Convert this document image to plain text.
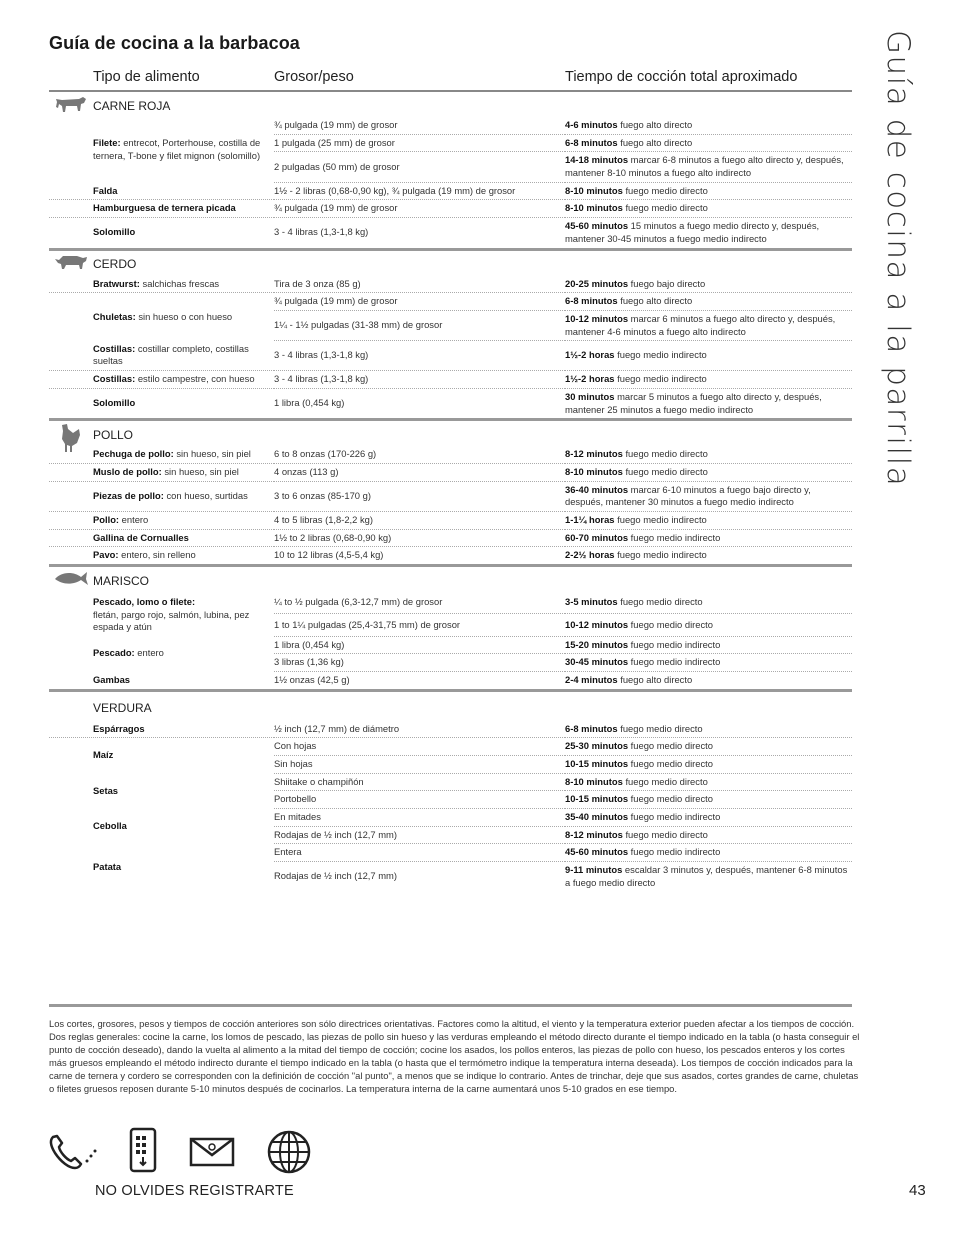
Guía de cocina a la barbacoa	Guía de cocina a la parrilla
Tipo de alimento	Grosor/peso	Tiempo de cocción total aproximado
CARNE ROJA		
Filete: entrecot, Porterhouse, costilla de ternera, T-bone y filet mignon (solomillo)	¾ pulgada (19 mm) de grosor	4-6 minutos fuego alto directo
	1 pulgada (25 mm) de grosor	6-8 minutos fuego alto directo
	2 pulgadas (50 mm) de grosor	14-18 minutos marcar 6-8 minutos a fuego alto directo y, después, mantener 8-10 minutos a fuego alto indirecto
Falda	1½ - 2 libras (0,68-0,90 kg), ¾ pulgada (19 mm) de grosor	8-10 minutos fuego medio directo
Hamburguesa de ternera picada	¾ pulgada (19 mm) de grosor	8-10 minutos fuego medio directo
Solomillo	3 - 4 libras (1,3-1,8 kg)	45-60 minutos 15 minutos a fuego medio directo y, después, mantener 30-45 minutos a fuego medio indirecto

CERDO		
Bratwurst: salchichas frescas	Tira de 3 onza (85 g)	20-25 minutos fuego bajo directo
Chuletas: sin hueso o con hueso	¾ pulgada (19 mm) de grosor	6-8 minutos fuego alto directo
	1¼ - 1½ pulgadas (31-38 mm) de grosor	10-12 minutos marcar 6 minutos a fuego alto directo y, después, mantener 4-6 minutos a fuego alto indirecto
Costillas: costillar completo, costillas sueltas	3 - 4 libras (1,3-1,8 kg)	1½-2 horas fuego medio indirecto
Costillas: estilo campestre, con hueso	3 - 4 libras (1,3-1,8 kg)	1½-2 horas fuego medio indirecto
Solomillo	1 libra (0,454 kg)	30 minutos marcar 5 minutos a fuego alto directo y, después, mantener 25 minutos a fuego medio indirecto

POLLO		
Pechuga de pollo: sin hueso, sin piel	6 to 8 onzas (170-226 g)	8-12 minutos fuego medio directo
Muslo de pollo: sin hueso, sin piel	4 onzas (113 g)	8-10 minutos fuego medio directo
Piezas de pollo: con hueso, surtidas	3 to 6 onzas (85-170 g)	36-40 minutos marcar 6-10 minutos a fuego bajo directo y, después, mantener 30 minutos a fuego medio indirecto
Pollo: entero	4 to 5 libras (1,8-2,2 kg)	1-1¼ horas fuego medio indirecto
Gallina de Cornualles	1½ to 2 libras (0,68-0,90 kg)	60-70 minutos fuego medio indirecto
Pavo: entero, sin relleno	10 to 12 libras (4,5-5,4 kg)	2-2½ horas fuego medio indirecto

MARISCO		
Pescado, lomo o filete:
fletán, pargo rojo, salmón, lubina, pez espada y atún	¼ to ½ pulgada (6,3-12,7 mm) de grosor	3-5 minutos fuego medio directo
	1 to 1¼ pulgadas (25,4-31,75 mm) de grosor	10-12 minutos fuego medio directo
Pescado: entero	1 libra (0,454 kg)	15-20 minutos fuego medio indirecto
	3 libras (1,36 kg)	30-45 minutos fuego medio indirecto
Gambas	1½ onzas (42,5 g)	2-4 minutos fuego alto directo
VERDURA		
Espárragos	½ inch (12,7 mm) de diámetro	6-8 minutos fuego medio directo
Maíz	Con hojas	25-30 minutos fuego medio directo
	Sin hojas	10-15 minutos fuego medio directo
Setas	Shiitake o champiñón	8-10 minutos fuego medio directo
	Portobello	10-15 minutos fuego medio directo
Cebolla	En mitades	35-40 minutos fuego medio indirecto
	Rodajas de ½ inch (12,7 mm)	8-12 minutos fuego medio directo
Patata	Entera	45-60 minutos fuego medio indirecto
	Rodajas de ½ inch (12,7 mm)	9-11 minutos escaldar 3 minutos y, después, mantener 6-8 minutos a fuego medio directo
Los cortes, grosores, pesos y tiempos de cocción anteriores son sólo directrices orientativas. Factores como la altitud, el viento y la temperatura exterior pueden afectar a los tiempos de cocción. Dos reglas generales: cocine la carne, los lomos de pescado, las piezas de pollo sin hueso y las verduras empleando el método directo durante el tiempo indicado en la tabla (o hasta conseguir el punto de cocción deseado), dando la vuelta al alimento a la mitad del tiempo de cocción; cocine los asados, los pollos enteros, las piezas de pollo con hueso, los pescados enteros y los cortes más gruesos empleando el método indirecto durante el tiempo indicado en la tabla (o hasta que el termómetro indique la temperatura interna deseada). Los tiempos de cocción indicados para la carne de ternera y cordero se corresponden con la definición de cocción "al punto", a menos que se indique lo contrario. Antes de trinchar, deje que sus asados, cortes grandes de carne, chuletas o filetes gruesos reposen durante 5-10 minutos después de cocinarlos. La temperatura interna de la carne aumentará unos 5-10 grados en ese tiempo.
NO OLVIDES REGISTRARTE	43
